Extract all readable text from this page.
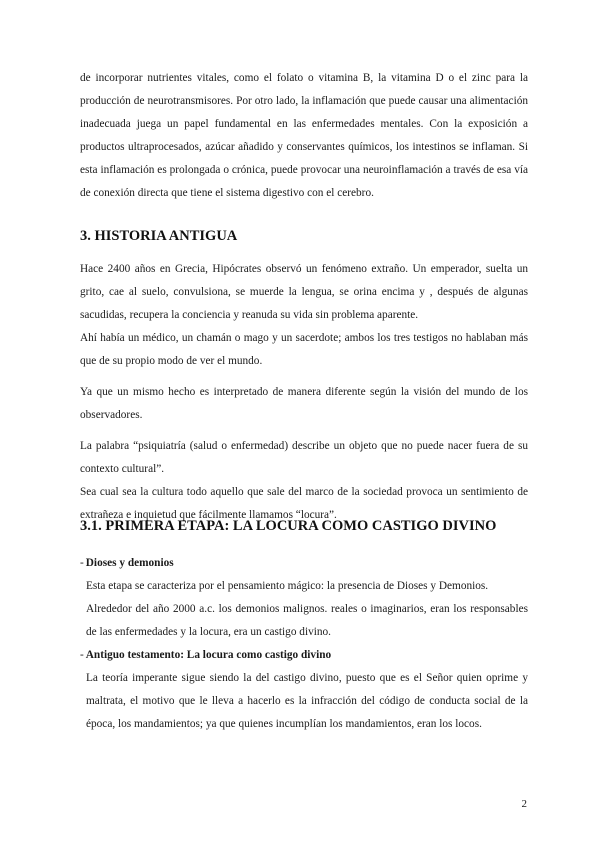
de incorporar nutrientes vitales, como el folato o vitamina B, la vitamina D o el zinc para la producción de neurotransmisores. Por otro lado, la inflamación que puede causar una alimentación inadecuada juega un papel fundamental en las enfermedades mentales. Con la exposición a productos ultraprocesados, azúcar añadido y conservantes químicos, los intestinos se inflaman. Si esta inflamación es prolongada o crónica, puede provocar una neuroinflamación a través de esa vía de conexión directa que tiene el sistema digestivo con el cerebro.

3. HISTORIA ANTIGUA

Hace 2400 años en Grecia, Hipócrates observó un fenómeno extraño. Un emperador, suelta un grito, cae al suelo, convulsiona, se muerde la lengua, se orina encima y , después de algunas sacudidas, recupera la conciencia y reanuda su vida sin problema aparente.

Ahí había un médico, un chamán o mago y un sacerdote; ambos los tres testigos no hablaban más que de su propio modo de ver el mundo.

Ya que un mismo hecho es interpretado de manera diferente según la visión del mundo de los observadores.

La palabra “psiquiatría (salud o enfermedad) describe un objeto que no puede nacer fuera de su contexto cultural”.

Sea cual sea la cultura todo aquello que sale del marco de la sociedad provoca un sentimiento de extrañeza e inquietud que fácilmente llamamos “locura”.

3.1. PRIMERA ETAPA: LA LOCURA COMO CASTIGO DIVINO

- Dioses y demonios

Esta etapa se caracteriza por el pensamiento mágico: la presencia de Dioses y Demonios.

Alrededor del año 2000 a.c. los demonios malignos. reales o imaginarios, eran los responsables de las enfermedades y la locura, era un castigo divino.

- Antiguo testamento: La locura como castigo divino

La teoría imperante sigue siendo la del castigo divino, puesto que es el Señor quien oprime y maltrata, el motivo que le lleva a hacerlo es la infracción del código de conducta social de la época, los mandamientos; ya que quienes incumplían los mandamientos, eran los locos.

2
